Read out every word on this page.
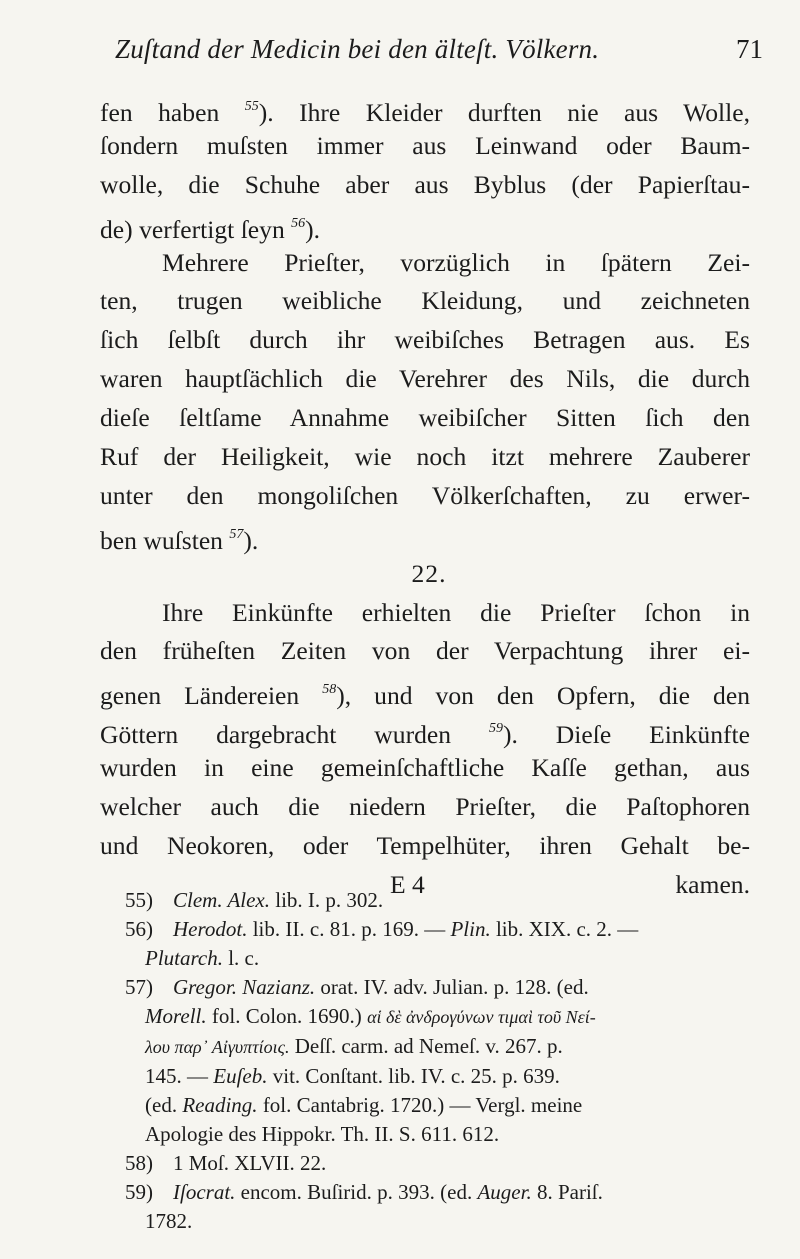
Zuſtand der Medicin bei den älteſt. Völkern.	71
fen haben $^{55}$). Ihre Kleider durften nie aus Wolle,
ſondern muſsten immer aus Leinwand oder Baum-
wolle, die Schuhe aber aus Byblus (der Papierſtau-
de) verfertigt ſeyn $^{56}$).
Mehrere Prieſter, vorzüglich in ſpätern Zei-
ten, trugen weibliche Kleidung, und zeichneten
ſich ſelbſt durch ihr weibiſches Betragen aus. Es
waren hauptſächlich die Verehrer des Nils, die durch
dieſe ſeltſame Annahme weibiſcher Sitten ſich den
Ruf der Heiligkeit, wie noch itzt mehrere Zauberer
unter den mongoliſchen Völkerſchaften, zu erwer-
ben wuſsten $^{57}$).
22.
Ihre Einkünfte erhielten die Prieſter ſchon in
den früheſten Zeiten von der Verpachtung ihrer ei-
genen Ländereien $^{58}$), und von den Opfern, die den
Göttern dargebracht wurden $^{59}$). Dieſe Einkünfte
wurden in eine gemeinſchaftliche Kaſſe gethan, aus
welcher auch die niedern Prieſter, die Paſtophoren
und Neokoren, oder Tempelhüter, ihren Gehalt be-
E 4	kamen.
55) Clem. Alex. lib. I. p. 302.
56) Herodot. lib. II. c. 81. p. 169. — Plin. lib. XIX. c. 2. —
Plutarch. l. c.
57) Gregor. Nazianz. orat. IV. adv. Julian. p. 128. (ed.
Morell. fol. Colon. 1690.) αἱ δὲ ἀνδρογύνων τιμαὶ τοῦ Νεί-
λου παρ᾽ Αἰγυπτίοις. Deſſ. carm. ad Nemeſ. v. 267. p.
145. — Euſeb. vit. Conſtant. lib. IV. c. 25. p. 639.
(ed. Reading. fol. Cantabrig. 1720.) — Vergl. meine
Apologie des Hippokr. Th. II. S. 611. 612.
58) 1 Moſ. XLVII. 22.
59) Iſocrat. encom. Buſirid. p. 393. (ed. Auger. 8. Pariſ.
1782.
